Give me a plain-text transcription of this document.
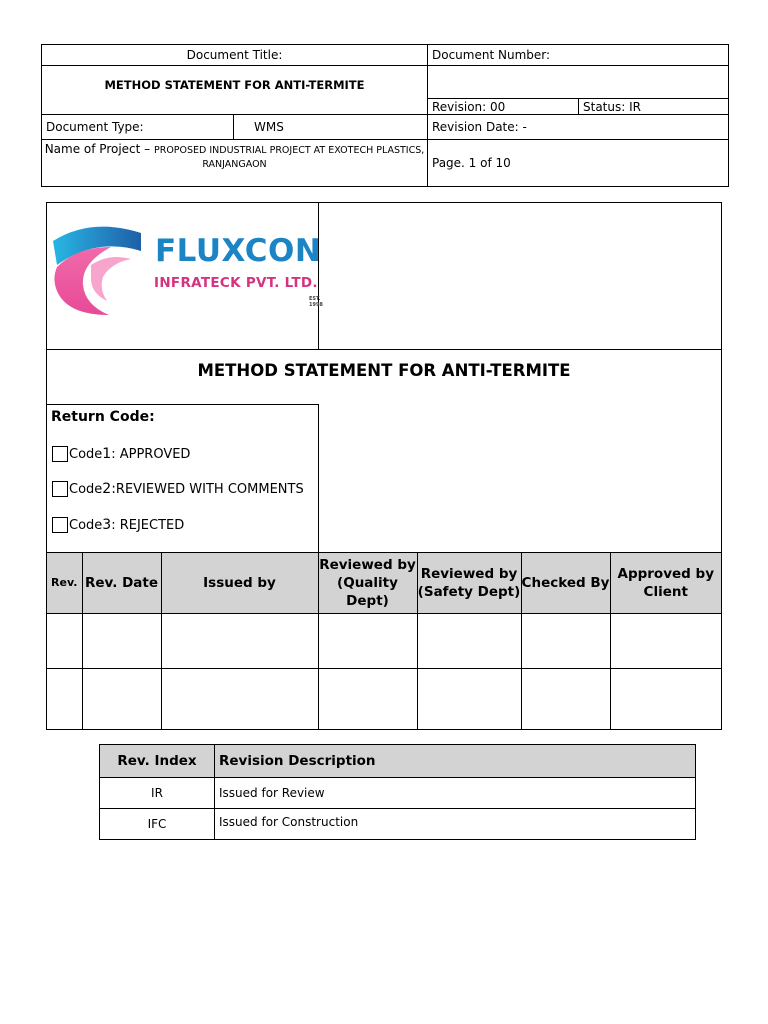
Document Title:		Document Number:	
METHOD STATEMENT FOR ANTI-TERMITE			
		Revision: 00	Status: IR
Document Type:	WMS	Revision Date: -	
Name of Project – PROPOSED INDUSTRIAL PROJECT AT EXOTECH PLASTICS, RANJANGAON		Page. 1 of 10	
FLUXCON
INFRATECK PVT. LTD.
EST. 1998
METHOD STATEMENT FOR ANTI-TERMITE
Return Code:
Code 1 : APPROVED
Code 2: REVIEWED WITH COMMENTS
Code 3 : REJECTED
Rev.	Rev. Date	Issued by	Reviewed by (Quality Dept)	Reviewed by (Safety Dept)	Checked By	Approved by Client

Rev. Index	Revision Description
IR	Issued for Review
IFC	Issued for Construction
